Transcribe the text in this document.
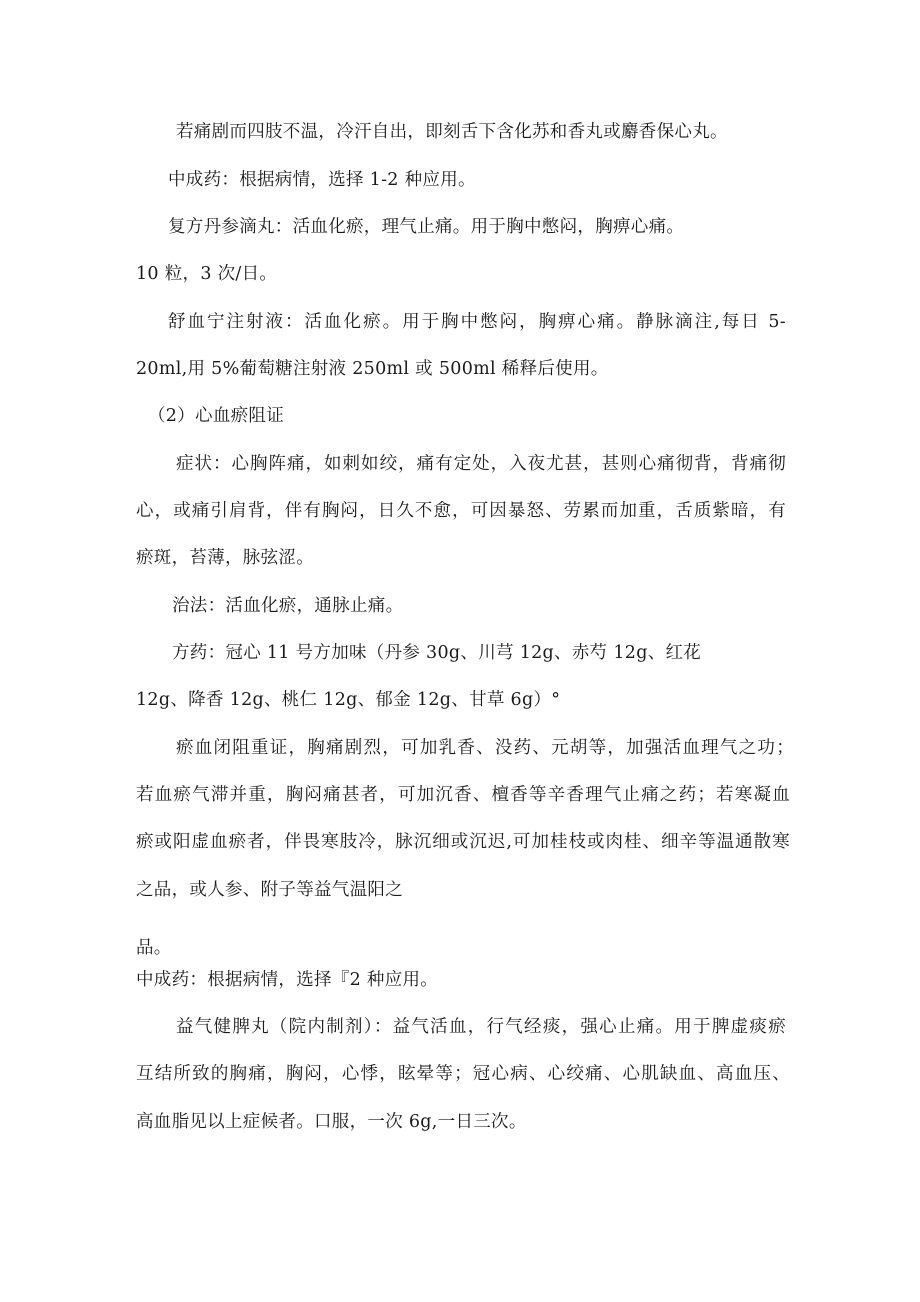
若痛剧而四肢不温，冷汗自出，即刻舌下含化苏和香丸或麝香保心丸。
中成药：根据病情，选择 1-2 种应用。
复方丹参滴丸：活血化瘀，理气止痛。用于胸中憋闷，胸痹心痛。
10 粒，3 次/日。
舒血宁注射液：活血化瘀。用于胸中憋闷，胸痹心痛。静脉滴注,每日 5-
20ml,用 5%葡萄糖注射液 250ml 或 500ml 稀释后使用。
（2）心血瘀阻证
症状：心胸阵痛，如刺如绞，痛有定处，入夜尤甚，甚则心痛彻背，背痛彻
心，或痛引肩背，伴有胸闷，日久不愈，可因暴怒、劳累而加重，舌质紫暗，有
瘀斑，苔薄，脉弦涩。
治法：活血化瘀，通脉止痛。
方药：冠心 11 号方加味（丹参 30g、川芎 12g、赤芍 12g、红花
12g、降香 12g、桃仁 12g、郁金 12g、甘草 6g）°
瘀血闭阻重证，胸痛剧烈，可加乳香、没药、元胡等，加强活血理气之功；
若血瘀气滞并重，胸闷痛甚者，可加沉香、檀香等辛香理气止痛之药；若寒凝血
瘀或阳虚血瘀者，伴畏寒肢冷，脉沉细或沉迟,可加桂枝或肉桂、细辛等温通散寒
之品，或人参、附子等益气温阳之
品。
中成药：根据病情，选择『2 种应用。
益气健脾丸（院内制剂）：益气活血，行气经痰，强心止痛。用于脾虚痰瘀
互结所致的胸痛，胸闷，心悸，眩晕等；冠心病、心绞痛、心肌缺血、高血压、
高血脂见以上症候者。口服，一次 6g,一日三次。
